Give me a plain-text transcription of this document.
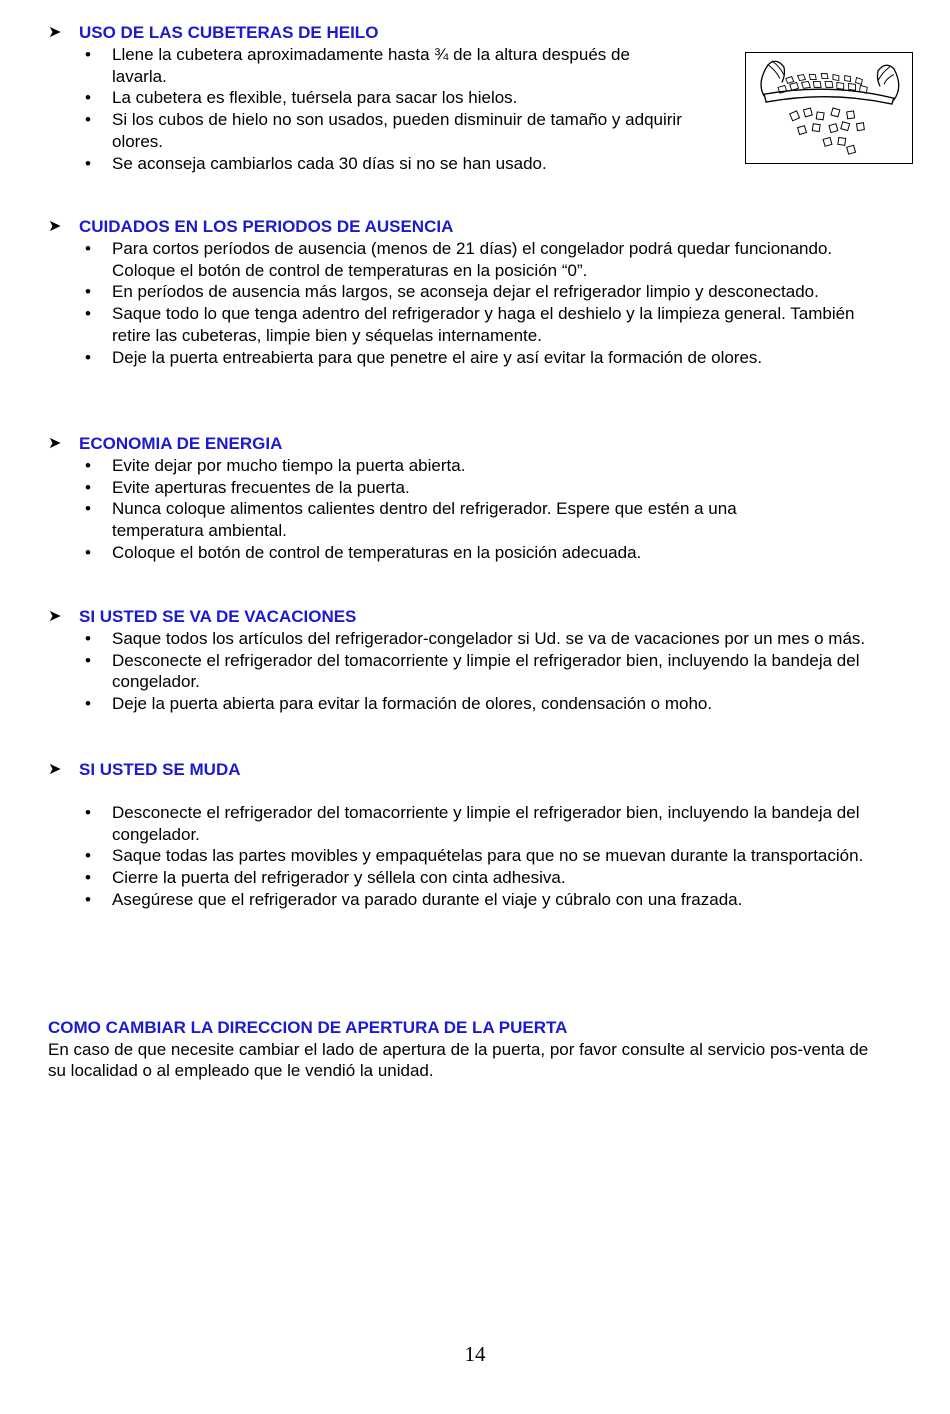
➤ USO DE LAS CUBETERAS DE HEILO
• Llene la cubetera aproximadamente hasta ¾ de la altura después de lavarla.
• La cubetera es flexible, tuérsela para sacar los hielos.
• Si los cubos de hielo no son usados, pueden disminuir de tamaño y adquirir olores.
• Se aconseja cambiarlos cada 30 días si no se han usado.
➤ CUIDADOS EN LOS PERIODOS DE AUSENCIA
• Para cortos períodos de ausencia (menos de 21 días) el congelador podrá quedar funcionando. Coloque el botón de control de temperaturas en la posición “0”.
• En períodos de ausencia más largos, se aconseja dejar el refrigerador limpio y desconectado.
• Saque todo lo que tenga adentro del refrigerador y haga el deshielo y la limpieza general. También retire las cubeteras, limpie bien y séquelas internamente.
• Deje la puerta entreabierta para que penetre el aire y así evitar la formación de olores.
➤ ECONOMIA DE ENERGIA
• Evite dejar por mucho tiempo la puerta abierta.
• Evite aperturas frecuentes de la puerta.
• Nunca coloque alimentos calientes dentro del refrigerador. Espere que estén a una temperatura ambiental.
• Coloque el botón de control de temperaturas en la posición adecuada.
➤ SI USTED SE VA DE VACACIONES
• Saque todos los artículos del refrigerador-congelador si Ud. se va de vacaciones por un mes o más.
• Desconecte el refrigerador del tomacorriente y limpie el refrigerador bien, incluyendo la bandeja del congelador.
• Deje la puerta abierta para evitar la formación de olores, condensación o moho.
➤ SI USTED SE MUDA
• Desconecte el refrigerador del tomacorriente y limpie el refrigerador bien, incluyendo la bandeja del congelador.
• Saque todas las partes movibles y empaquételas para que no se muevan durante la transportación.
• Cierre la puerta del refrigerador y séllela con cinta adhesiva.
• Asegúrese que el refrigerador va parado durante el viaje y cúbralo con una frazada.
COMO CAMBIAR LA DIRECCION DE APERTURA DE LA PUERTA
En caso de que necesite cambiar el lado de apertura de la puerta, por favor consulte al servicio pos-venta de su localidad o al empleado que le vendió la unidad.
14
